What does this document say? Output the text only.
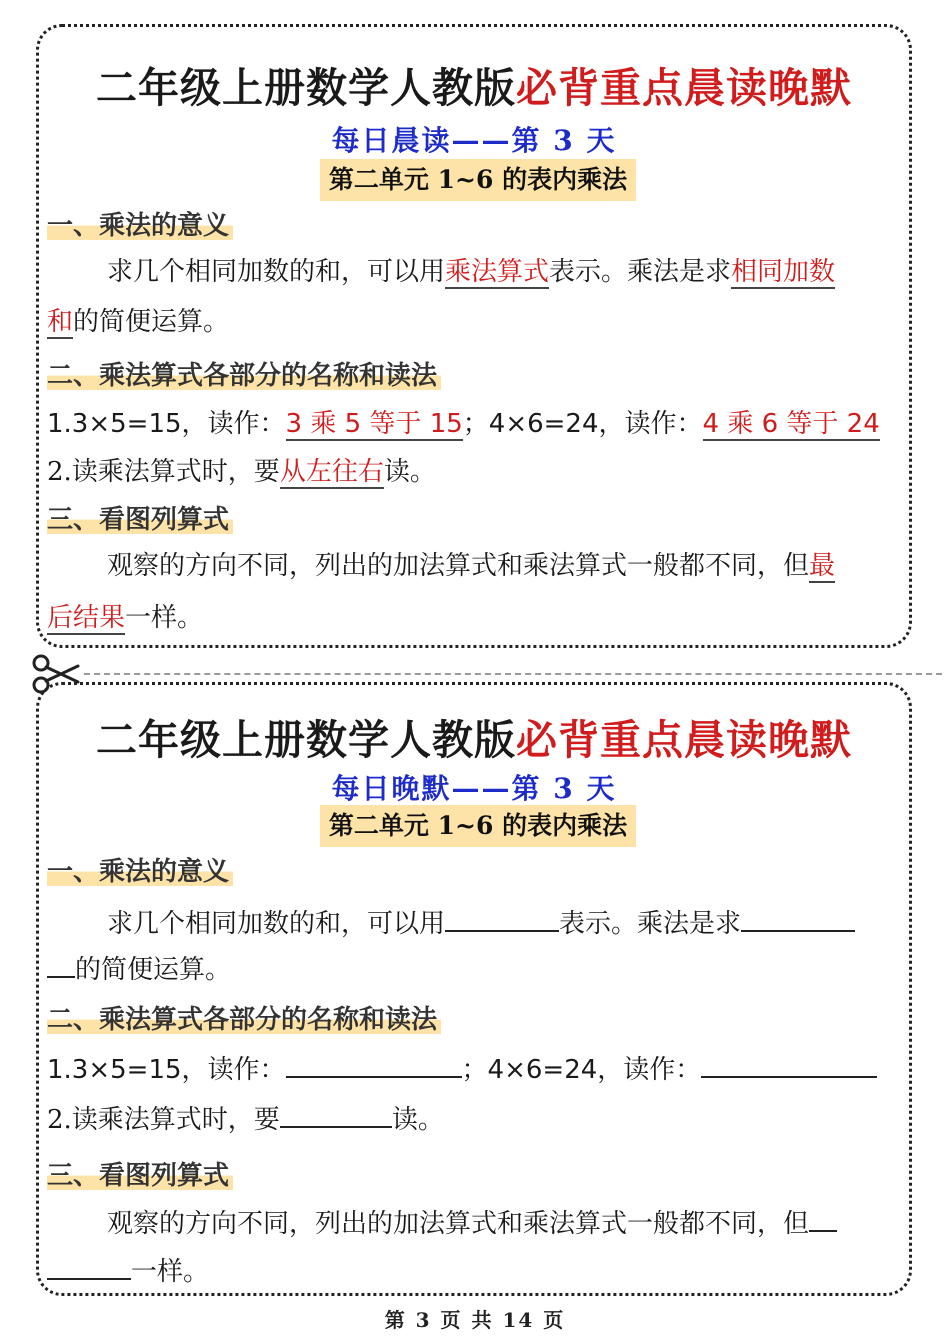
二年级上册数学人教版必背重点晨读晚默
每日晨读——第 3 天
第二单元 1~6 的表内乘法
一、乘法的意义
求几个相同加数的和，可以用乘法算式表示。乘法是求相同加数
和的简便运算。
二、乘法算式各部分的名称和读法
1.3×5=15，读作：3 乘 5 等于 15；4×6=24，读作：4 乘 6 等于 24
2.读乘法算式时，要从左往右读。
三、看图列算式
观察的方向不同，列出的加法算式和乘法算式一般都不同，但最
后结果一样。
二年级上册数学人教版必背重点晨读晚默
每日晚默——第 3 天
第二单元 1~6 的表内乘法
一、乘法的意义
求几个相同加数的和，可以用	表示。乘法是求
的简便运算。
二、乘法算式各部分的名称和读法
1.3×5=15，读作：	；4×6=24，读作：
2.读乘法算式时，要	读。
三、看图列算式
观察的方向不同，列出的加法算式和乘法算式一般都不同，但
一样。
第 3 页 共 14 页
